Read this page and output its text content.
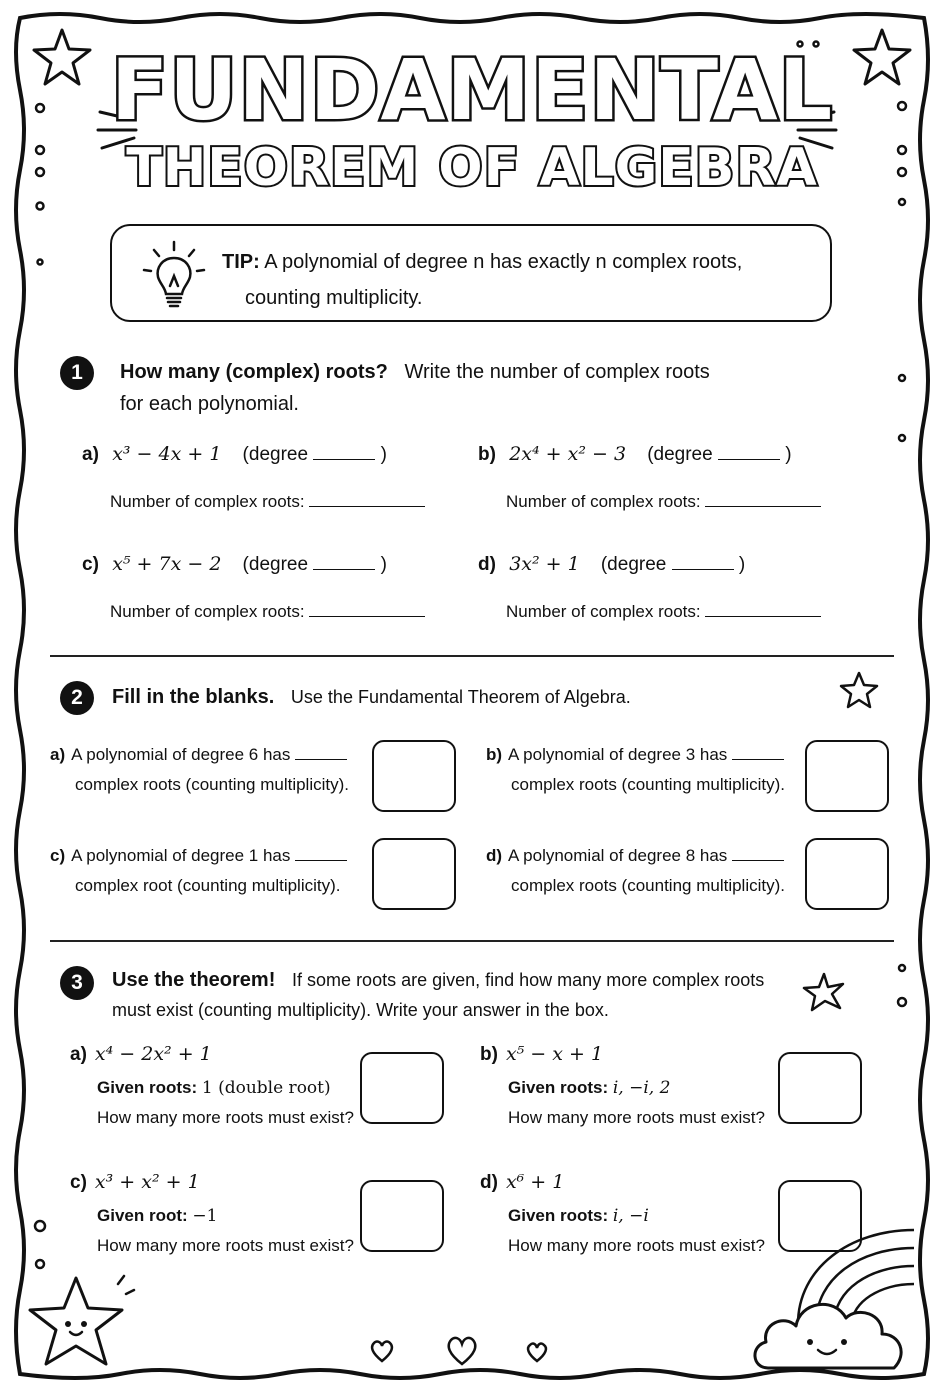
FUNDAMENTAL
THEOREM OF ALGEBRA
TIP: A polynomial of degree n has exactly n complex roots,
counting multiplicity.
1	How many (complex) roots? Write the number of complex roots
for each polynomial.
a) x³ − 4x + 1 (degree	)
Number of complex roots:
b) 2x⁴ + x² − 3 (degree	)
Number of complex roots:
c) x⁵ + 7x − 2 (degree	)
Number of complex roots:
d) 3x² + 1 (degree	)
Number of complex roots:
2	Fill in the blanks. Use the Fundamental Theorem of Algebra.
a) A polynomial of degree 6 has
complex roots (counting multiplicity).
b) A polynomial of degree 3 has
complex roots (counting multiplicity).
c) A polynomial of degree 1 has
complex root (counting multiplicity).
d) A polynomial of degree 8 has
complex roots (counting multiplicity).
3	Use the theorem! If some roots are given, find how many more complex roots
must exist (counting multiplicity). Write your answer in the box.
a) x⁴ − 2x² + 1
Given roots: 1 (double root)
How many more roots must exist?
b) x⁵ − x + 1
Given roots: i, −i, 2
How many more roots must exist?
c) x³ + x² + 1
Given root: −1
How many more roots must exist?
d) x⁶ + 1
Given roots: i, −i
How many more roots must exist?
